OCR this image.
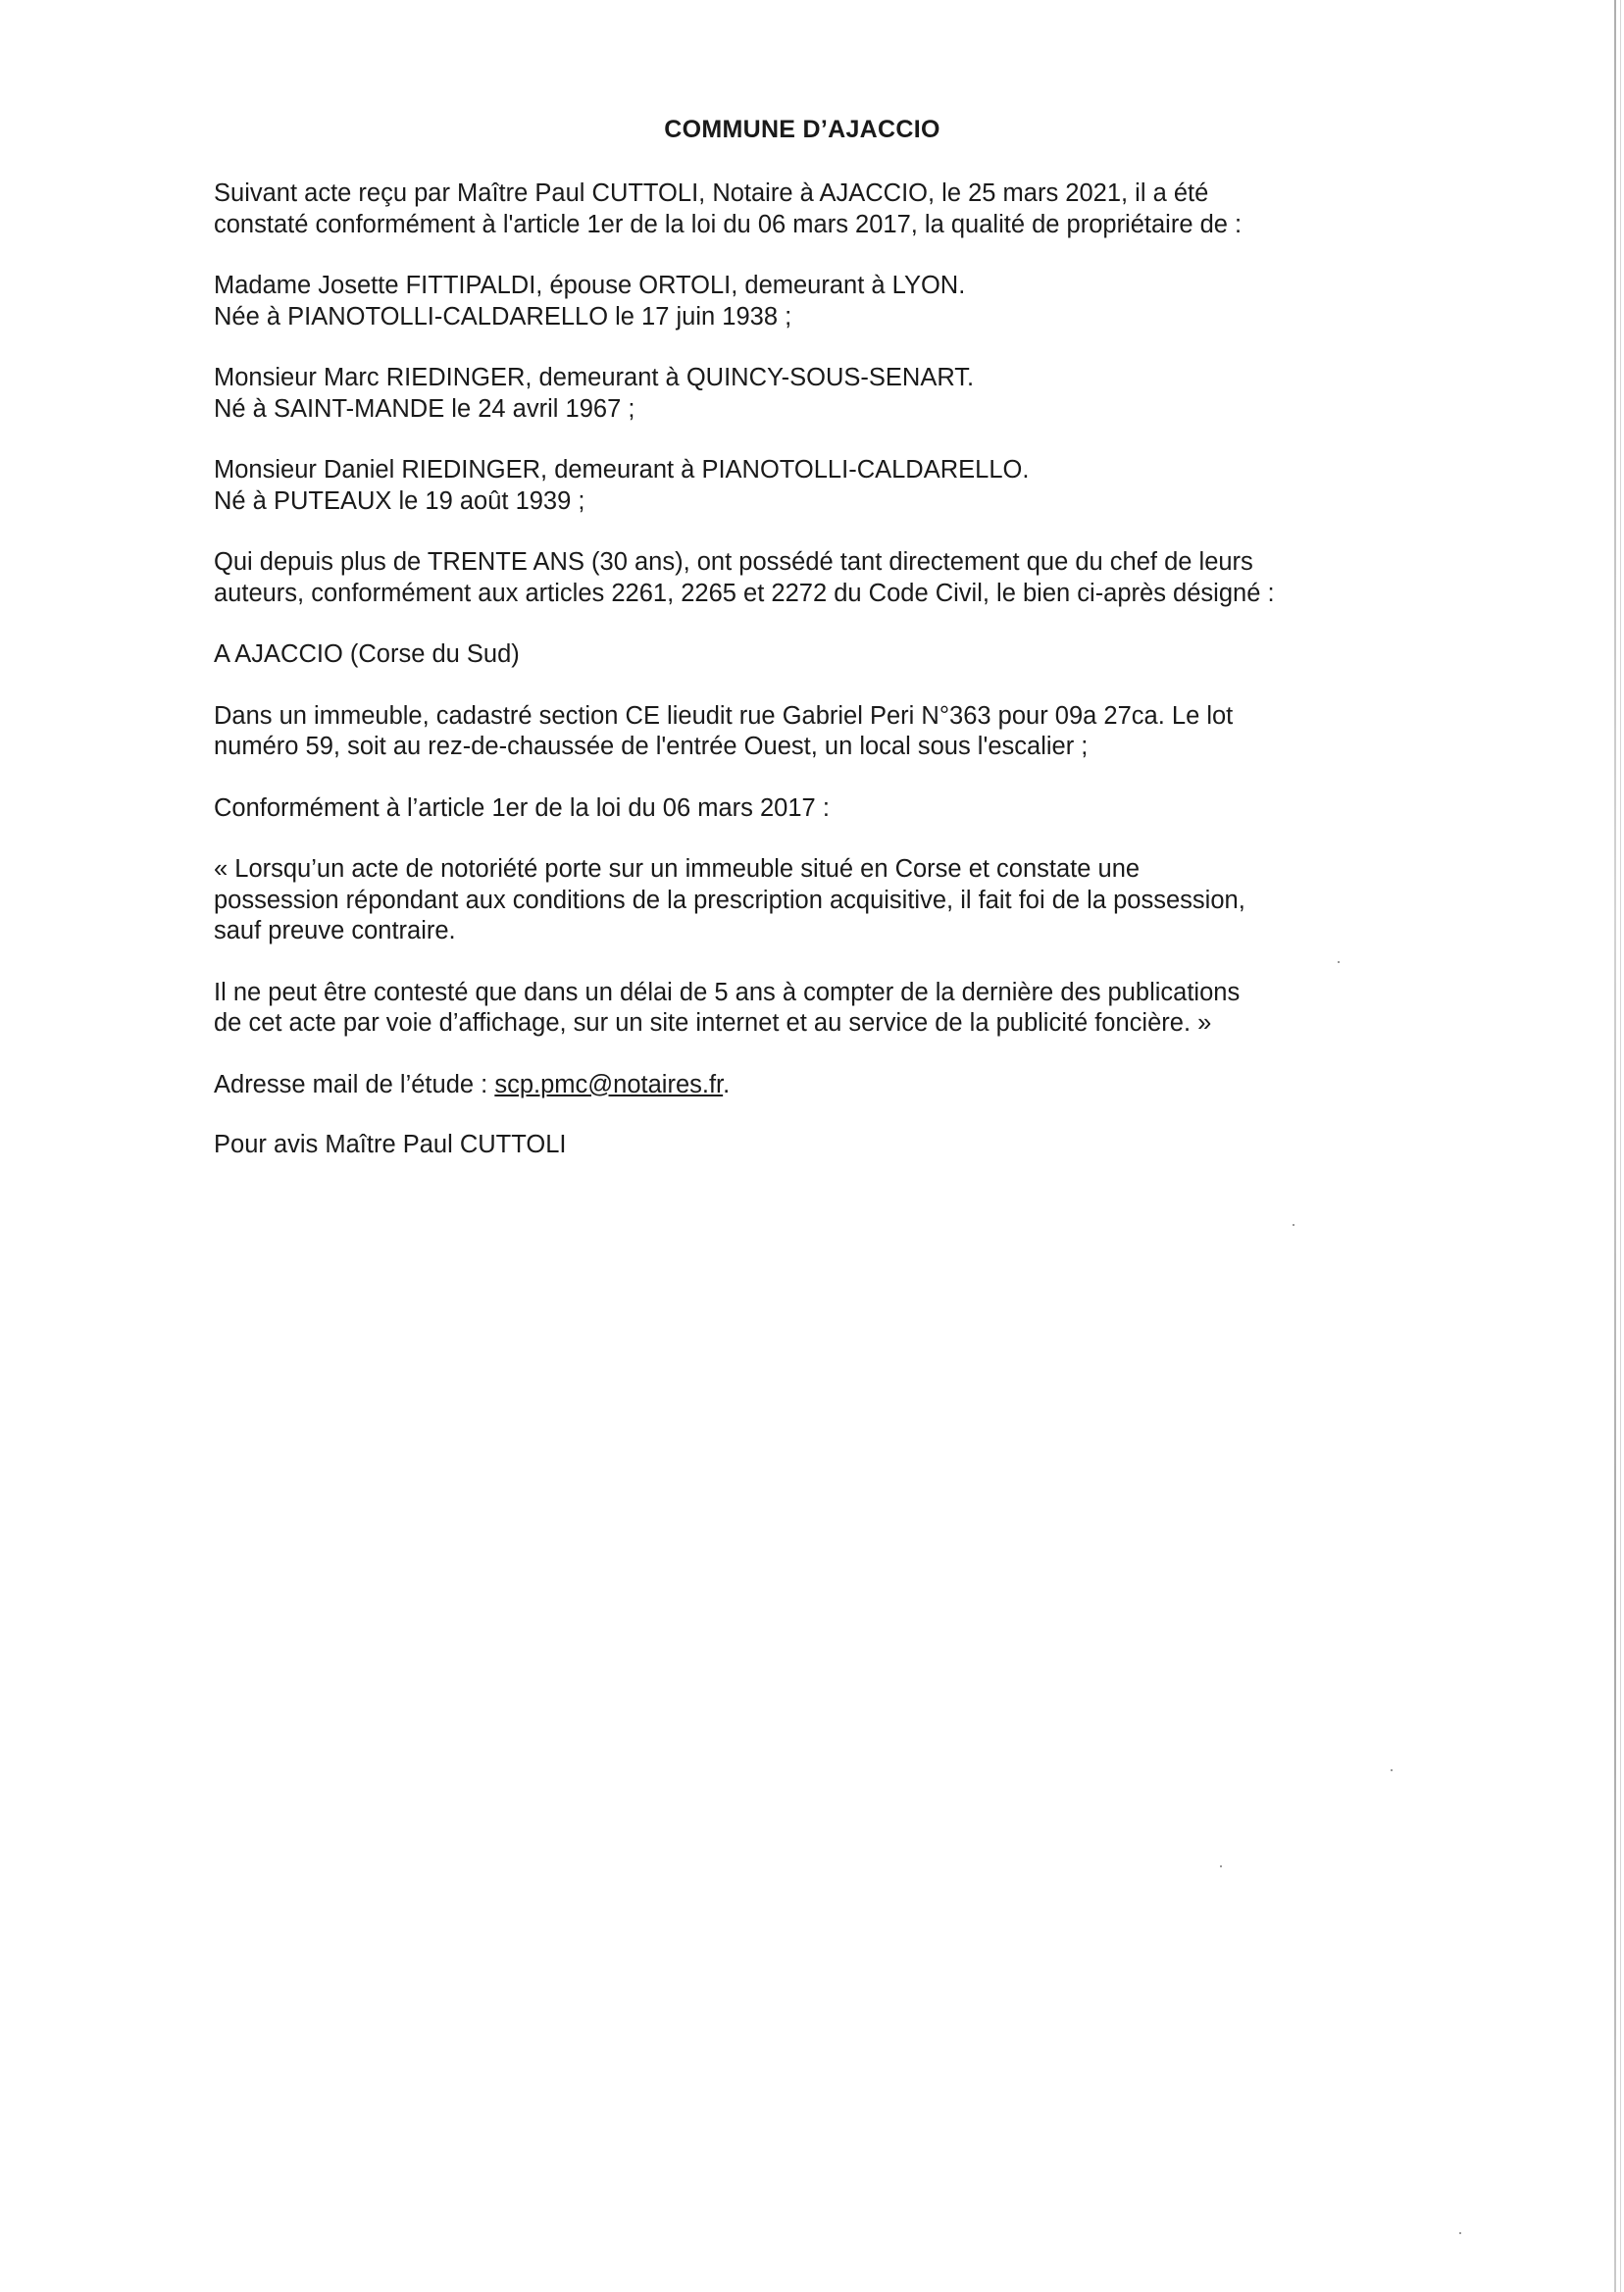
COMMUNE D’AJACCIO

Suivant acte reçu par Maître Paul CUTTOLI, Notaire à AJACCIO, le 25 mars 2021, il a été
constaté conformément à l'article 1er de la loi du 06 mars 2017, la qualité de propriétaire de :

Madame Josette FITTIPALDI, épouse ORTOLI, demeurant à LYON.
Née à PIANOTOLLI-CALDARELLO le 17 juin 1938 ;

Monsieur Marc RIEDINGER, demeurant à QUINCY-SOUS-SENART.
Né à SAINT-MANDE le 24 avril 1967 ;

Monsieur Daniel RIEDINGER, demeurant à PIANOTOLLI-CALDARELLO.
Né à PUTEAUX le 19 août 1939 ;

Qui depuis plus de TRENTE ANS (30 ans), ont possédé tant directement que du chef de leurs
auteurs, conformément aux articles 2261, 2265 et 2272 du Code Civil, le bien ci-après désigné :

A AJACCIO (Corse du Sud)

Dans un immeuble, cadastré section CE lieudit rue Gabriel Peri N°363 pour 09a 27ca. Le lot
numéro 59, soit au rez-de-chaussée de l'entrée Ouest, un local sous l'escalier ;

Conformément à l’article 1er de la loi du 06 mars 2017 :

« Lorsqu’un acte de notoriété porte sur un immeuble situé en Corse et constate une
possession répondant aux conditions de la prescription acquisitive, il fait foi de la possession,
sauf preuve contraire.

Il ne peut être contesté que dans un délai de 5 ans à compter de la dernière des publications
de cet acte par voie d’affichage, sur un site internet et au service de la publicité foncière. »

Adresse mail de l’étude : scp.pmc@notaires.fr.

Pour avis Maître Paul CUTTOLI
